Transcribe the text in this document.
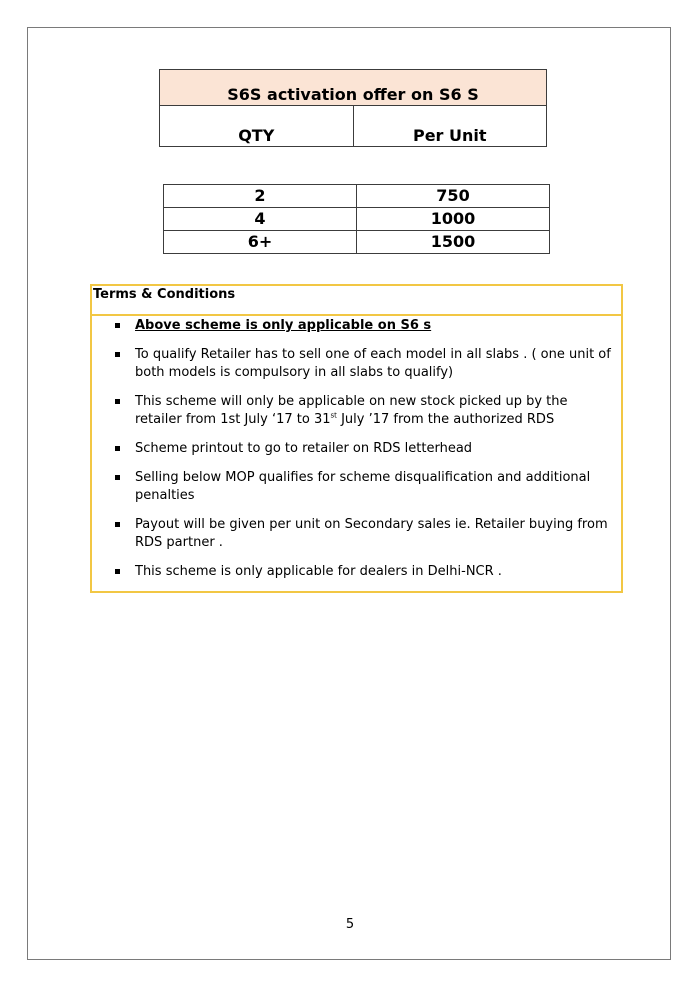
S6S activation offer on S6 S

QTY	Per Unit
2	750
4	1000
6+	1500
Terms & Conditions
Above scheme is only applicable on S6 s
To qualify Retailer has to sell one of each model in all slabs . ( one unit of both models is compulsory in all slabs to qualify)
This scheme will only be applicable on new stock picked up by the retailer from 1st July ‘17 to 31st July ’17 from the authorized RDS
Scheme printout to go to retailer on RDS letterhead
Selling below MOP qualifies for scheme disqualification and additional penalties
Payout will be given per unit on Secondary sales ie. Retailer buying from RDS partner .
This scheme is only applicable for dealers in Delhi-NCR .
5
